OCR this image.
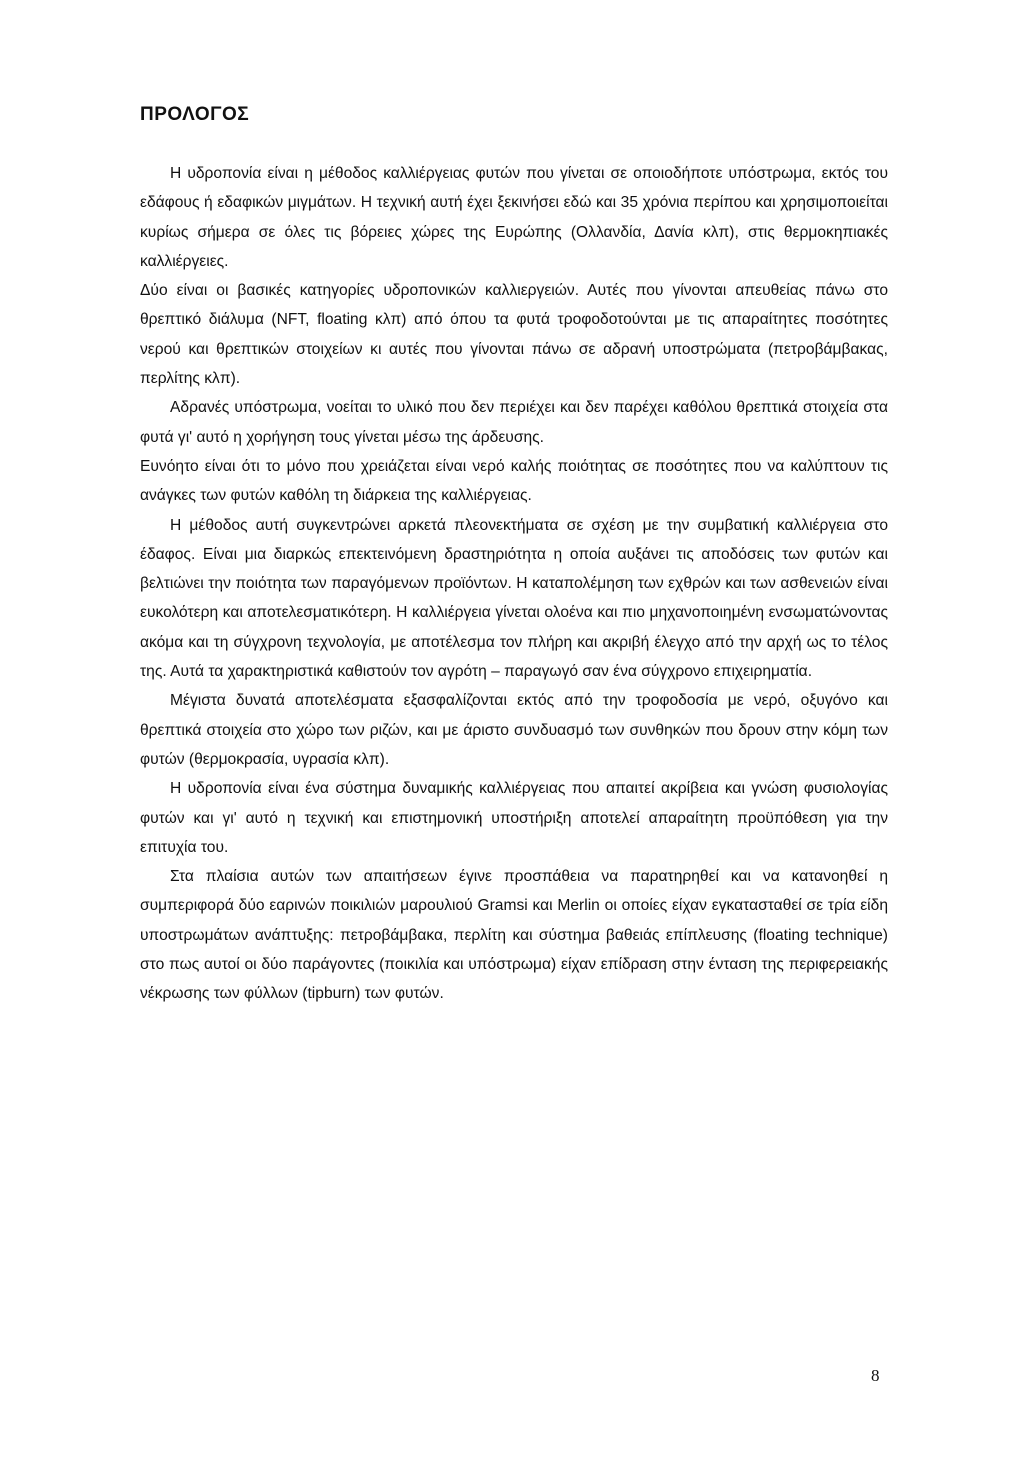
ΠΡΟΛΟΓΟΣ

Η υδροπονία είναι η μέθοδος καλλιέργειας φυτών που γίνεται σε οποιοδήποτε υπόστρωμα, εκτός του εδάφους ή εδαφικών μιγμάτων. Η τεχνική αυτή έχει ξεκινήσει εδώ και 35 χρόνια περίπου και χρησιμοποιείται κυρίως σήμερα σε όλες τις βόρειες χώρες της Ευρώπης (Ολλανδία, Δανία κλπ), στις θερμοκηπιακές καλλιέργειες.

Δύο είναι οι βασικές κατηγορίες υδροπονικών καλλιεργειών. Αυτές που γίνονται απευθείας πάνω στο θρεπτικό διάλυμα (NFT, floating κλπ) από όπου τα φυτά τροφοδοτούνται με τις απαραίτητες ποσότητες νερού και θρεπτικών στοιχείων κι αυτές που γίνονται πάνω σε αδρανή υποστρώματα (πετροβάμβακας, περλίτης κλπ).

Αδρανές υπόστρωμα, νοείται το υλικό που δεν περιέχει και δεν παρέχει καθόλου θρεπτικά στοιχεία στα φυτά γι' αυτό η χορήγηση τους γίνεται μέσω της άρδευσης.

Ευνόητο είναι ότι το μόνο που χρειάζεται είναι νερό καλής ποιότητας σε ποσότητες που να καλύπτουν τις ανάγκες των φυτών καθόλη τη διάρκεια της καλλιέργειας.

Η μέθοδος αυτή συγκεντρώνει αρκετά πλεονεκτήματα σε σχέση με την συμβατική καλλιέργεια στο έδαφος. Είναι μια διαρκώς επεκτεινόμενη δραστηριότητα η οποία αυξάνει τις αποδόσεις των φυτών και βελτιώνει την ποιότητα των παραγόμενων προϊόντων. Η καταπολέμηση των εχθρών και των ασθενειών είναι ευκολότερη και αποτελεσματικότερη. Η καλλιέργεια γίνεται ολοένα και πιο μηχανοποιημένη ενσωματώνοντας ακόμα και τη σύγχρονη τεχνολογία, με αποτέλεσμα τον πλήρη και ακριβή έλεγχο από την αρχή ως το τέλος της. Αυτά τα χαρακτηριστικά καθιστούν τον αγρότη – παραγωγό σαν ένα σύγχρονο επιχειρηματία.

Μέγιστα δυνατά αποτελέσματα εξασφαλίζονται εκτός από την τροφοδοσία με νερό, οξυγόνο και θρεπτικά στοιχεία στο χώρο των ριζών, και με άριστο συνδυασμό των συνθηκών που δρουν στην κόμη των φυτών (θερμοκρασία, υγρασία κλπ).

Η υδροπονία είναι ένα σύστημα δυναμικής καλλιέργειας που απαιτεί ακρίβεια και γνώση φυσιολογίας φυτών και γι' αυτό η τεχνική και επιστημονική υποστήριξη αποτελεί απαραίτητη προϋπόθεση για την επιτυχία του.

Στα πλαίσια αυτών των απαιτήσεων έγινε προσπάθεια να παρατηρηθεί και να κατανοηθεί η συμπεριφορά δύο εαρινών ποικιλιών μαρουλιού Gramsi και Merlin οι οποίες είχαν εγκατασταθεί σε τρία είδη υποστρωμάτων ανάπτυξης: πετροβάμβακα, περλίτη και σύστημα βαθειάς επίπλευσης (floating technique) στο πως αυτοί οι δύο παράγοντες (ποικιλία και υπόστρωμα) είχαν επίδραση στην ένταση της περιφερειακής νέκρωσης των φύλλων (tipburn) των φυτών.

8
